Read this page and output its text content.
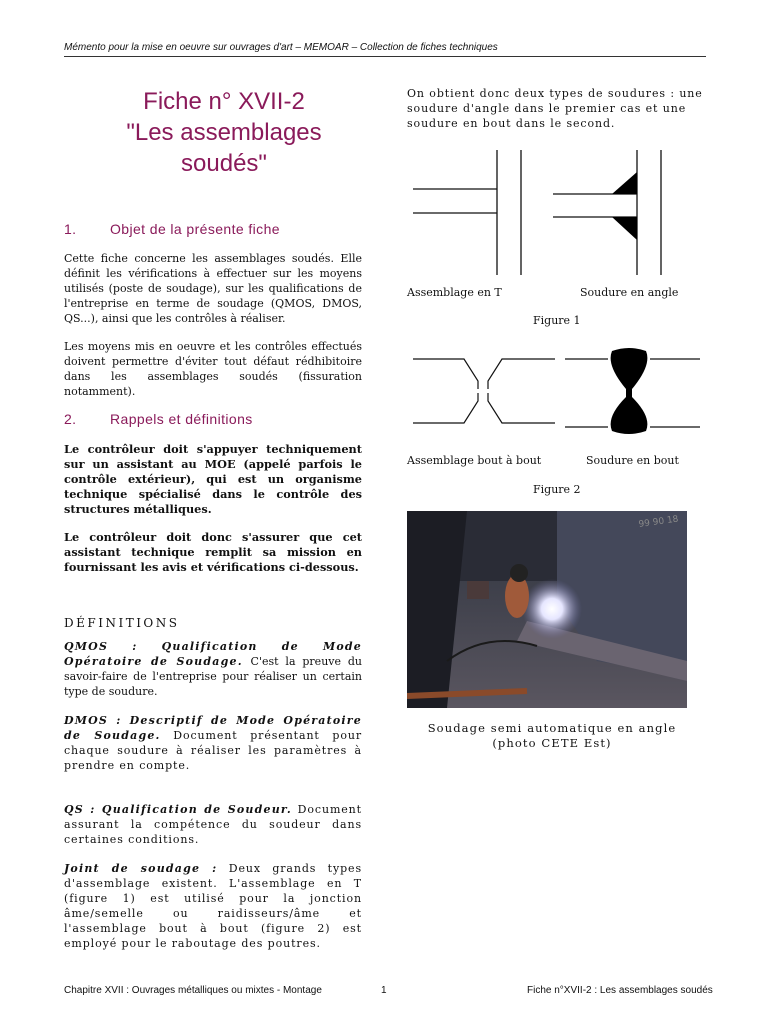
Mémento pour la mise en oeuvre sur ouvrages d'art – MEMOAR – Collection de fiches techniques
Fiche n° XVII-2
"Les assemblages
soudés"
1. Objet de la présente fiche
Cette fiche concerne les assemblages soudés. Elle définit les vérifications à effectuer sur les moyens utilisés (poste de soudage), sur les qualifications de l'entreprise en terme de soudage (QMOS, DMOS, QS...), ainsi que les contrôles à réaliser.
Les moyens mis en oeuvre et les contrôles effectués doivent permettre d'éviter tout défaut rédhibitoire dans les assemblages soudés (fissuration notamment).
2. Rappels et définitions
Le contrôleur doit s'appuyer techniquement sur un assistant au MOE (appelé parfois le contrôle extérieur), qui est un organisme technique spécialisé dans le contrôle des structures métalliques.
Le contrôleur doit donc s'assurer que cet assistant technique remplit sa mission en fournissant les avis et vérifications ci-dessous.
DÉFINITIONS
QMOS : Qualification de Mode Opératoire de Soudage. C'est la preuve du savoir-faire de l'entreprise pour réaliser un certain type de soudure.
DMOS : Descriptif de Mode Opératoire de Soudage. Document présentant pour chaque soudure à réaliser les paramètres à prendre en compte.
QS : Qualification de Soudeur. Document assurant la compétence du soudeur dans certaines conditions.
Joint de soudage : Deux grands types d'assemblage existent. L'assemblage en T (figure 1) est utilisé pour la jonction âme/semelle ou raidisseurs/âme et l'assemblage bout à bout (figure 2) est employé pour le raboutage des poutres.
On obtient donc deux types de soudures : une soudure d'angle dans le premier cas et une soudure en bout dans le second.
Assemblage en T	Soudure en angle
Figure 1
Assemblage bout à bout	Soudure en bout
Figure 2
99 90 18
Soudage semi automatique en angle
(photo CETE Est)
Chapitre XVII : Ouvrages métalliques ou mixtes - Montage	1	Fiche n°XVII-2 : Les assemblages soudés
